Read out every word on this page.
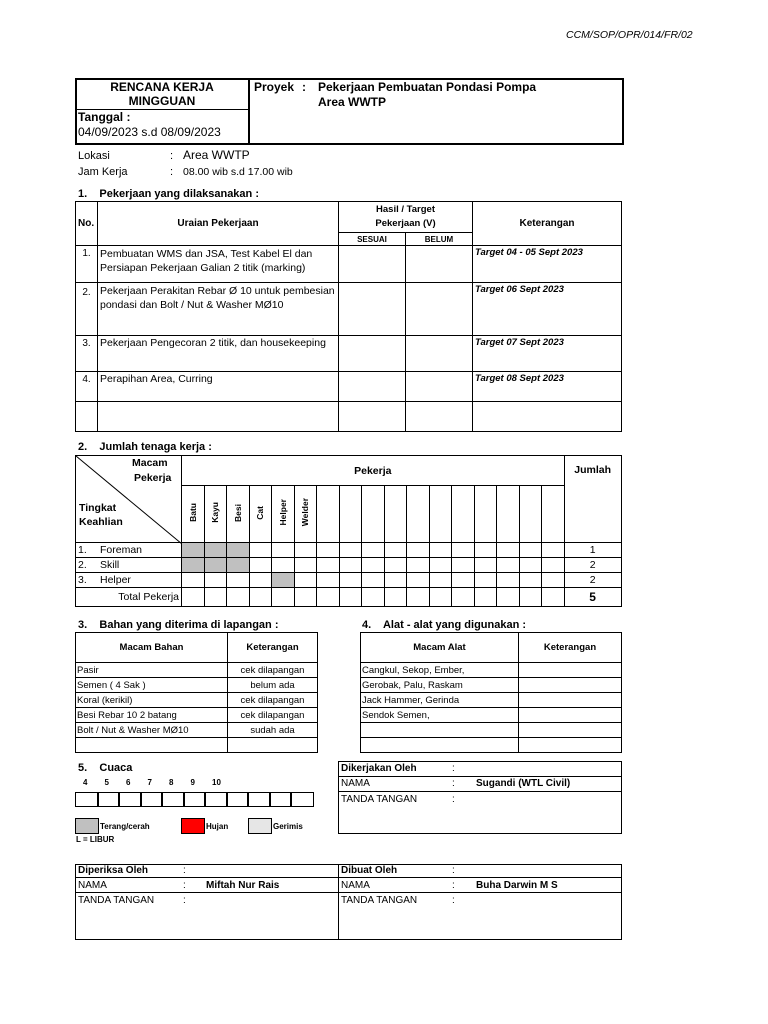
CCM/SOP/OPR/014/FR/02
RENCANA KERJA
MINGGUAN
Tanggal :
04/09/2023 s.d 08/09/2023
Proyek : Pekerjaan Pembuatan Pondasi Pompa
Area WWTP
Lokasi	: Area WWTP
Jam Kerja	: 08.00 wib s.d 17.00 wib
1.    Pekerjaan yang dilaksanakan :
No.	Uraian Pekerjaan	Hasil / Target Pekerjaan (V)		Keterangan
		SESUAI	BELUM	
1.	Pembuatan WMS dan JSA, Test Kabel El dan Persiapan Pekerjaan Galian 2 titik (marking)			Target 04 - 05 Sept 2023
2.	Pekerjaan Perakitan Rebar Ø 10 untuk pembesian pondasi dan Bolt / Nut & Washer MØ10			Target 06 Sept 2023
3.	Pekerjaan Pengecoran 2 titik, dan housekeeping			Target 07 Sept 2023
4.	Perapihan Area, Curring			Target 08 Sept 2023

2.    Jumlah tenaga kerja :
Macam
Pekerja
Tingkat
Keahlian	Pekerja																	Jumlah
	Batu	Kayu	Besi	Cat	Helper	Welder												
1. Foreman																		1
2. Skill																		2
3. Helper																		2
Total Pekerja																		5
3.    Bahan yang diterima di lapangan :
Macam Bahan	Keterangan
Pasir	cek dilapangan
Semen ( 4 Sak )	belum ada
Koral (kerikil)	cek dilapangan
Besi Rebar 10 2 batang	cek dilapangan
Bolt / Nut & Washer MØ10	sudah ada

4.    Alat - alat yang digunakan :
Macam Alat	Keterangan
Cangkul, Sekop, Ember,	
Gerobak, Palu, Raskam	
Jack Hammer, Gerinda	
Sendok Semen,	

5.    Cuaca
4 5 6 7 8 9 10
Terang/cerah	Hujan	Gerimis
L = LIBUR
Dikerjakan Oleh	:
NAMA	: Sugandi (WTL Civil)
TANDA TANGAN	:
Diperiksa Oleh	:
NAMA	: Miftah Nur Rais
TANDA TANGAN	:
Dibuat Oleh	:
NAMA	: Buha Darwin M S
TANDA TANGAN	:
